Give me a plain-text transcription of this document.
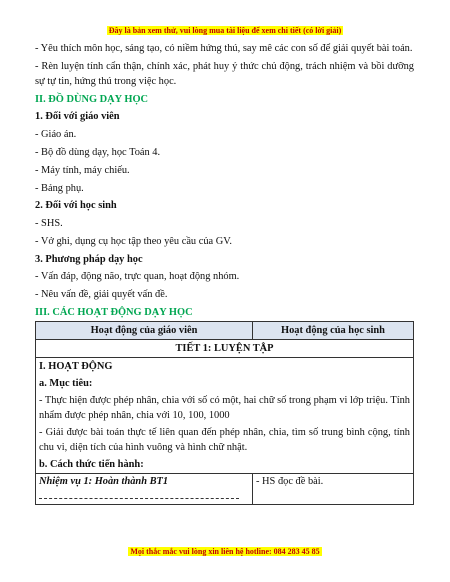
Đây là bản xem thử, vui lòng mua tài liệu để xem chi tiết (có lời giải)

- Yêu thích môn học, sáng tạo, có niềm hứng thú, say mê các con số để giải quyết bài toán.

- Rèn luyện tính cẩn thận, chính xác, phát huy ý thức chủ động, trách nhiệm và bồi dưỡng sự tự tin, hứng thú trong việc học.

II. ĐỒ DÙNG DẠY HỌC

1. Đối với giáo viên

- Giáo án.

- Bộ đồ dùng dạy, học Toán 4.

- Máy tính, máy chiếu.

- Bảng phụ.

2. Đối với học sinh

- SHS.

- Vở ghi, dụng cụ học tập theo yêu cầu của GV.

3. Phương pháp dạy học

- Vấn đáp, động não, trực quan, hoạt động nhóm.

- Nêu vấn đề, giải quyết vấn đề.

III. CÁC HOẠT ĐỘNG DẠY HỌC

Hoạt động của giáo viên	Hoạt động của học sinh
TIẾT 1: LUYỆN TẬP	

I. HOẠT ĐỘNG

a. Mục tiêu:

- Thực hiện được phép nhân, chia với số có một, hai chữ số trong phạm vi lớp triệu. Tính nhẩm được phép nhân, chia với 10, 100, 1000

- Giải được bài toán thực tế liên quan đến phép nhân, chia, tìm số trung bình cộng, tính chu vi, diện tích của hình vuông và hình chữ nhật.

b. Cách thức tiến hành:	

Nhiệm vụ 1: Hoàn thành BT1	- HS đọc đề bài.
Mọi thắc mắc vui lòng xin liên hệ hotline: 084 283 45 85
